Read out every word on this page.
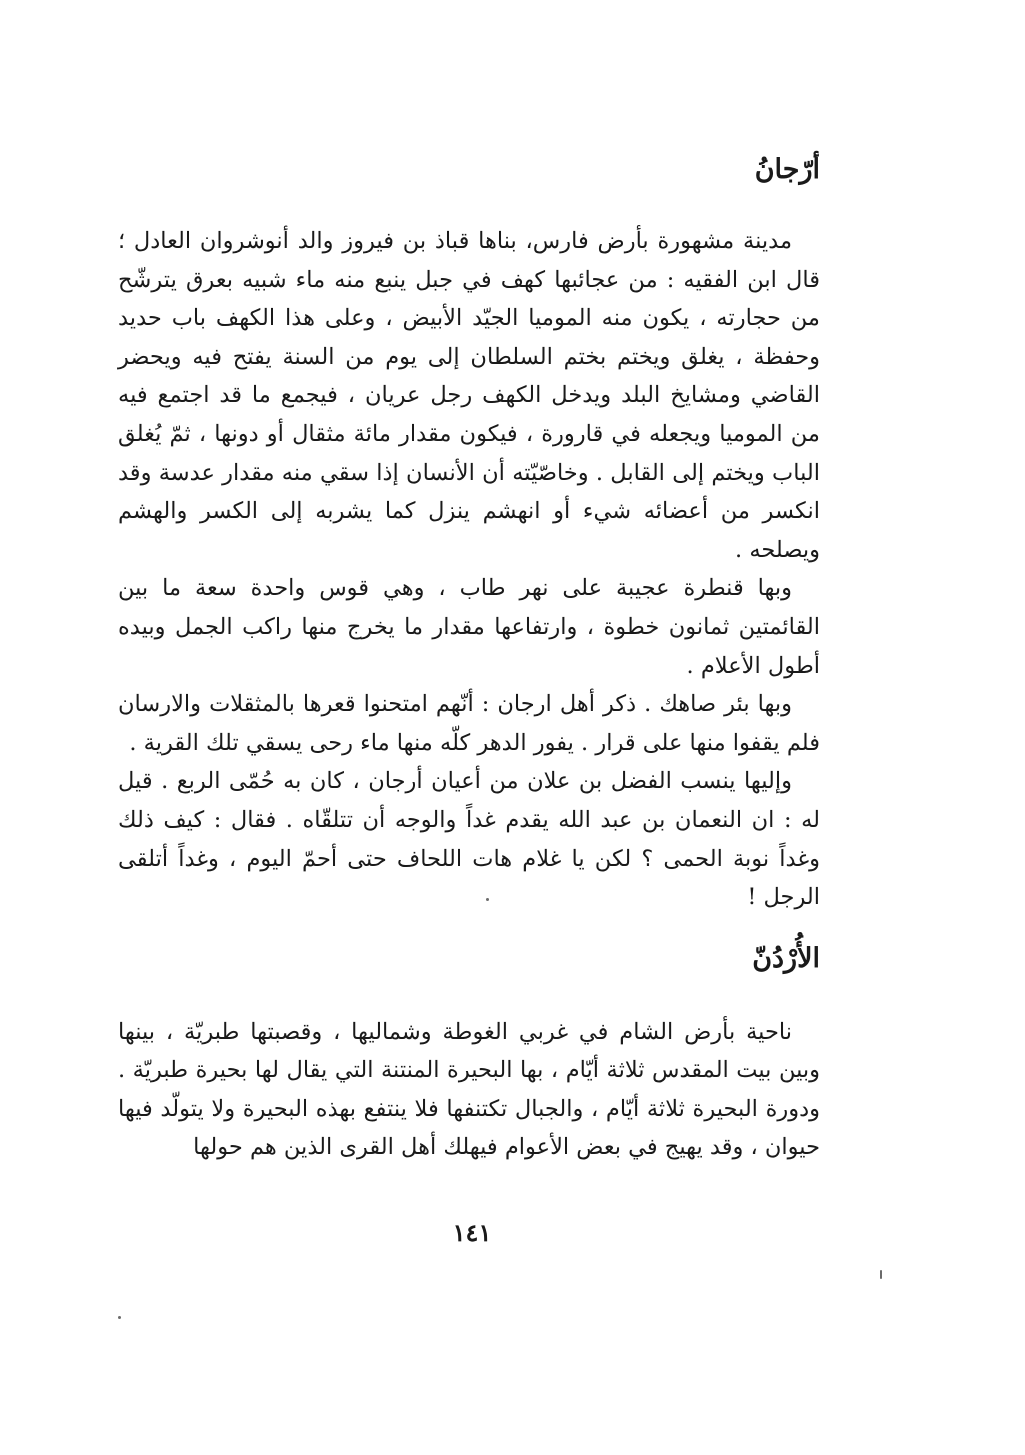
أرّجانُ

مدينة مشهورة بأرض فارس، بناها قباذ بن فيروز والد أنوشروان العادل ؛ قال ابن الفقيه : من عجائبها كهف في جبل ينبع منه ماء شبيه بعرق يترشّح من حجارته ، يكون منه الموميا الجيّد الأبيض ، وعلى هذا الكهف باب حديد وحفظة ، يغلق ويختم بختم السلطان إلى يوم من السنة يفتح فيه ويحضر القاضي ومشايخ البلد ويدخل الكهف رجل عريان ، فيجمع ما قد اجتمع فيه من الموميا ويجعله في قارورة ، فيكون مقدار مائة مثقال أو دونها ، ثمّ يُغلق الباب ويختم إلى القابل . وخاصّيّته أن الأنسان إذا سقي منه مقدار عدسة وقد انكسر من أعضائه شيء أو انهشم ينزل كما يشربه إلى الكسر والهشم ويصلحه .

وبها قنطرة عجيبة على نهر طاب ، وهي قوس واحدة سعة ما بين القائمتين ثمانون خطوة ، وارتفاعها مقدار ما يخرج منها راكب الجمل وبيده أطول الأعلام .

وبها بئر صاهك . ذكر أهل ارجان : أنّهم امتحنوا قعرها بالمثقلات والارسان فلم يقفوا منها على قرار . يفور الدهر كلّه منها ماء رحى يسقي تلك القرية .

وإليها ينسب الفضل بن علان من أعيان أرجان ، كان به حُمّى الربع . قيل له : ان النعمان بن عبد الله يقدم غداً والوجه أن تتلقّاه . فقال : كيف ذلك وغداً نوبة الحمى ؟ لكن يا غلام هات اللحاف حتى أحمّ اليوم ، وغداً أتلقى الرجل !

الأُرْدُنّ

ناحية بأرض الشام في غربي الغوطة وشماليها ، وقصبتها طبريّة ، بينها وبين بيت المقدس ثلاثة أيّام ، بها البحيرة المنتنة التي يقال لها بحيرة طبريّة . ودورة البحيرة ثلاثة أيّام ، والجبال تكتنفها فلا ينتفع بهذه البحيرة ولا يتولّد فيها حيوان ، وقد يهيج في بعض الأعوام فيهلك أهل القرى الذين هم حولها

١٤١
